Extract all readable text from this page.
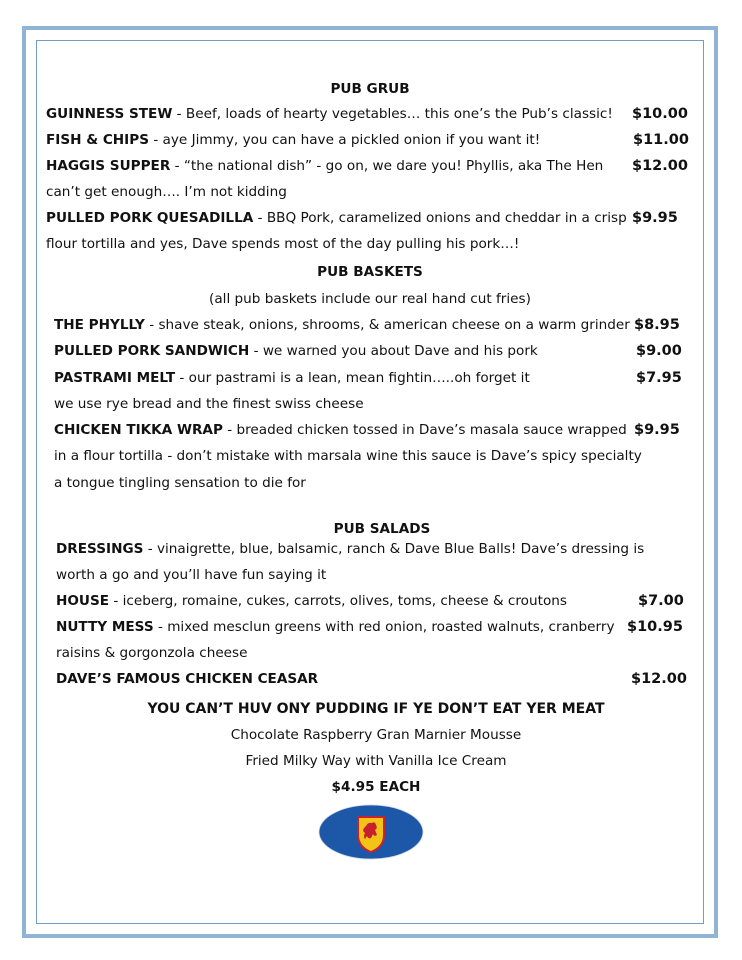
PUB GRUB
GUINNESS STEW - Beef, loads of hearty vegetables… this one’s the Pub’s classic! $10.00
FISH & CHIPS - aye Jimmy, you can have a pickled onion if you want it!	$11.00
HAGGIS SUPPER - “the national dish” - go on, we dare you! Phyllis, aka The Hen $12.00
can’t get enough…. I’m not kidding
PULLED PORK QUESADILLA - BBQ Pork, caramelized onions and cheddar in a crisp $9.95
flour tortilla and yes, Dave spends most of the day pulling his pork…!
PUB BASKETS
(all pub baskets include our real hand cut fries)
THE PHYLLY - shave steak, onions, shrooms, & american cheese on a warm grinder $8.95
PULLED PORK SANDWICH - we warned you about Dave and his pork	$9.00
PASTRAMI MELT - our pastrami is a lean, mean fightin…..oh forget it	$7.95
we use rye bread and the finest swiss cheese
CHICKEN TIKKA WRAP - breaded chicken tossed in Dave’s masala sauce wrapped $9.95
in a flour tortilla - don’t mistake with marsala wine this sauce is Dave’s spicy specialty
a tongue tingling sensation to die for
PUB SALADS
DRESSINGS - vinaigrette, blue, balsamic, ranch & Dave Blue Balls! Dave’s dressing is
worth a go and you’ll have fun saying it
HOUSE - iceberg, romaine, cukes, carrots, olives, toms, cheese & croutons	$7.00
NUTTY MESS - mixed mesclun greens with red onion, roasted walnuts, cranberry $10.95
raisins & gorgonzola cheese
DAVE’S FAMOUS CHICKEN CEASAR	$12.00
YOU CAN’T HUV ONY PUDDING IF YE DON’T EAT YER MEAT
Chocolate Raspberry Gran Marnier Mousse
Fried Milky Way with Vanilla Ice Cream
$4.95 EACH
